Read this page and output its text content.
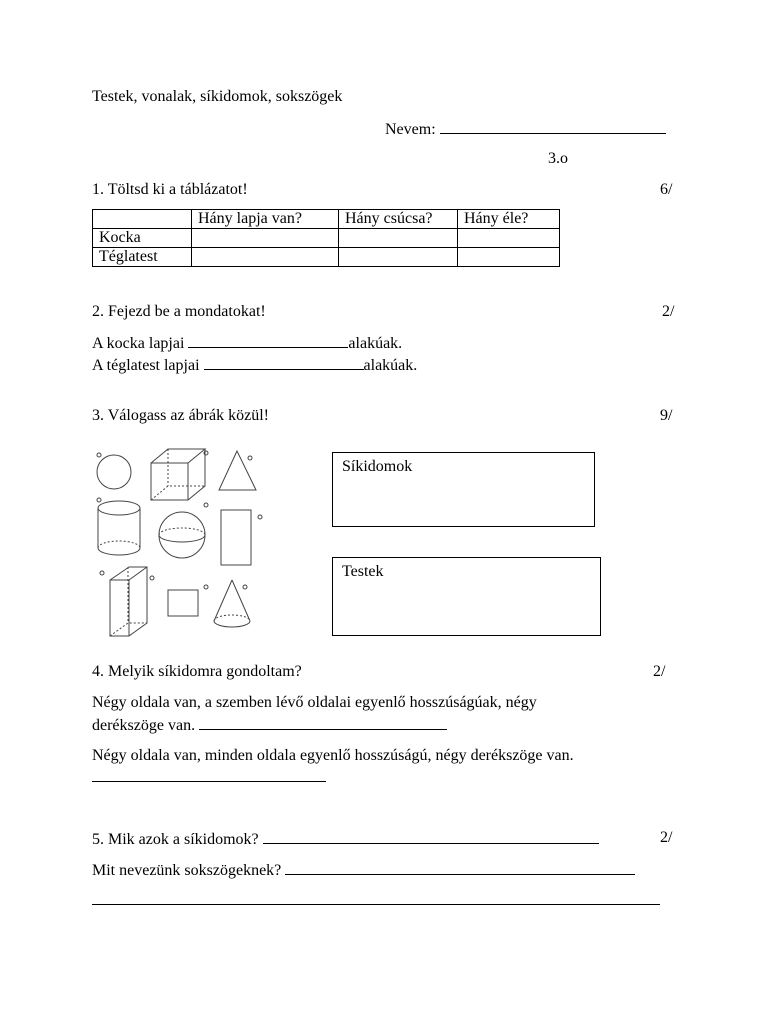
Testek, vonalak, síkidomok, sokszögek
Nevem:
3.o
1. Töltsd ki a táblázatot!	6/
	Hány lapja van?	Hány csúcsa?	Hány éle?
Kocka			
Téglatest			
2. Fejezd be a mondatokat!	2/
A kocka lapjai	alakúak.
A téglatest lapjai	alakúak.
3. Válogass az ábrák közül!	9/
Síkidomok
Testek
4. Melyik síkidomra gondoltam?	2/
Négy oldala van, a szemben lévő oldalai egyenlő hosszúságúak, négy
derékszöge van.
Négy oldala van, minden oldala egyenlő hosszúságú, négy derékszöge van.
5. Mik azok a síkidomok?	2/
Mit nevezünk sokszögeknek?
